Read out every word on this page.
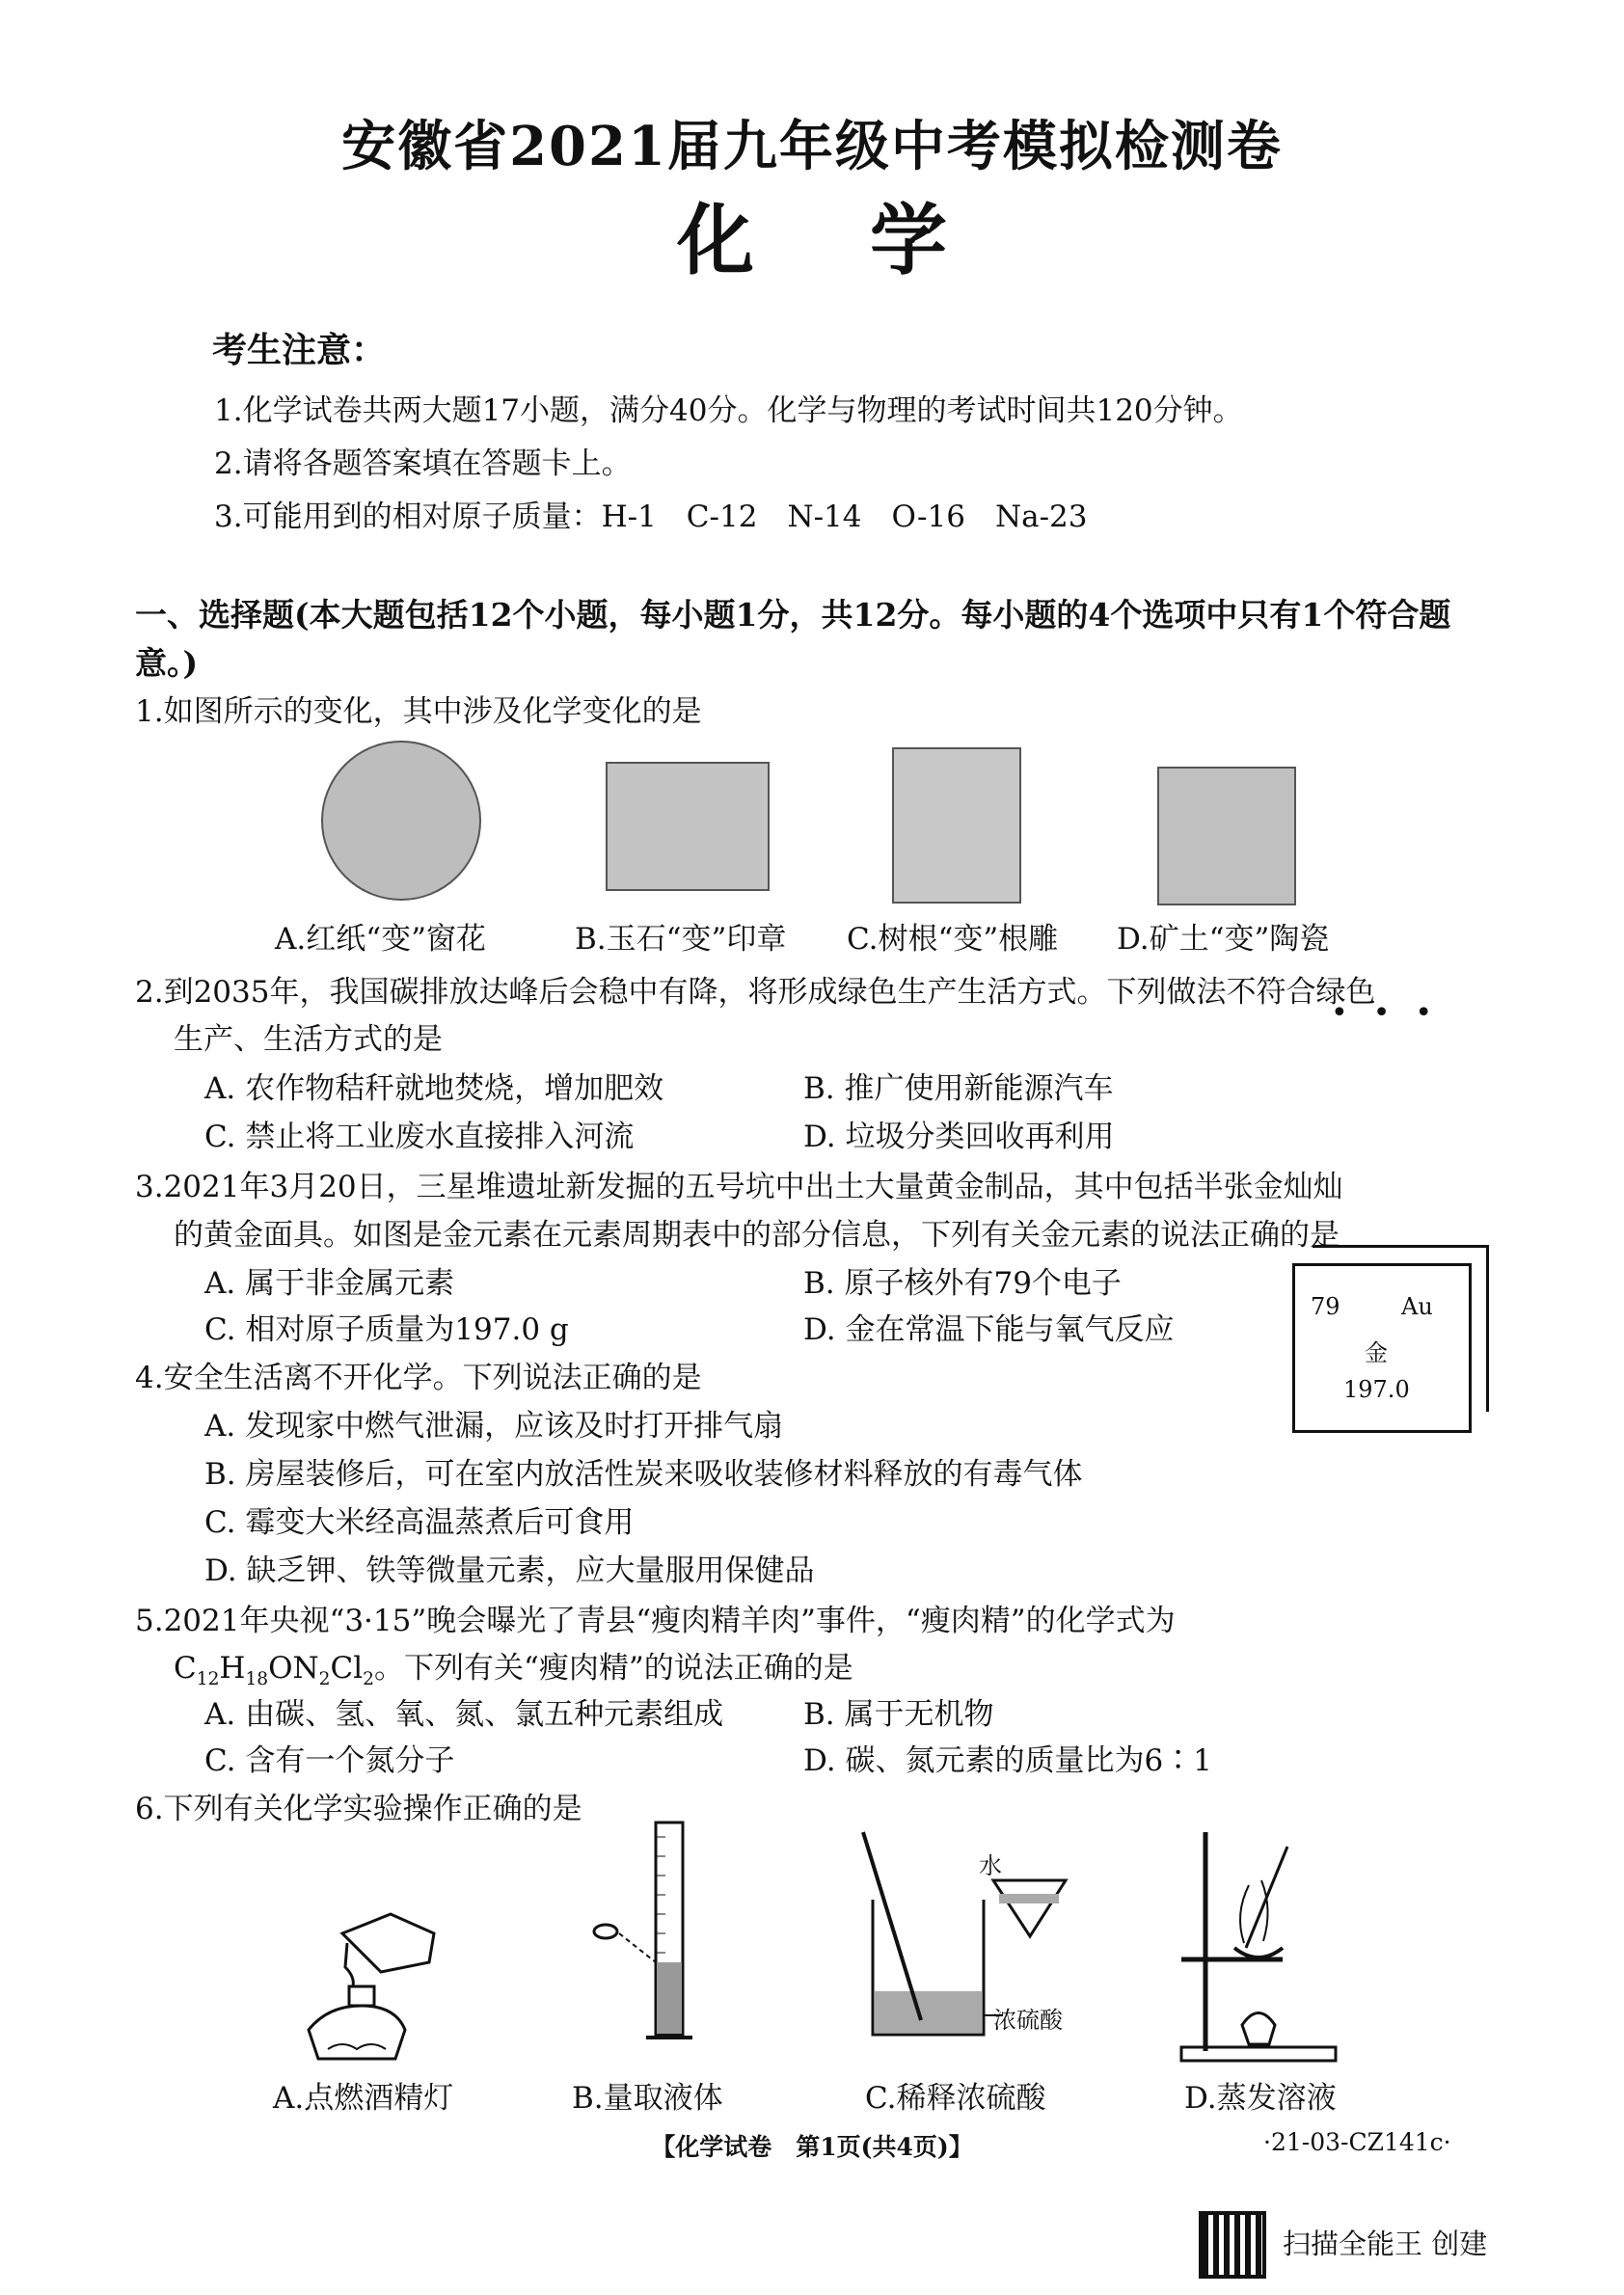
安徽省2021届九年级中考模拟检测卷
化学
考生注意：
1.化学试卷共两大题17小题，满分40分。化学与物理的考试时间共120分钟。
2.请将各题答案填在答题卡上。
3.可能用到的相对原子质量：H-1　C-12　N-14　O-16　Na-23
一、选择题(本大题包括12个小题，每小题1分，共12分。每小题的4个选项中只有1个符合题意。)
1.如图所示的变化，其中涉及化学变化的是
A.红纸“变”窗花	B.玉石“变”印章 C.树根“变”根雕 D.矿土“变”陶瓷
2.到2035年，我国碳排放达峰后会稳中有降，将形成绿色生产生活方式。下列做法不符合绿色
•••
生产、生活方式的是
A. 农作物秸秆就地焚烧，增加肥效	B. 推广使用新能源汽车
C. 禁止将工业废水直接排入河流	D. 垃圾分类回收再利用
3.2021年3月20日，三星堆遗址新发掘的五号坑中出土大量黄金制品，其中包括半张金灿灿
的黄金面具。如图是金元素在元素周期表中的部分信息，下列有关金元素的说法正确的是
A. 属于非金属元素	B. 原子核外有79个电子
C. 相对原子质量为197.0 g	D. 金在常温下能与氧气反应
79	Au
金
197.0
4.安全生活离不开化学。下列说法正确的是
A. 发现家中燃气泄漏，应该及时打开排气扇
B. 房屋装修后，可在室内放活性炭来吸收装修材料释放的有毒气体
C. 霉变大米经高温蒸煮后可食用
D. 缺乏钾、铁等微量元素，应大量服用保健品
5.2021年央视“3·15”晚会曝光了青县“瘦肉精羊肉”事件，“瘦肉精”的化学式为
$C_{12}H_{18}ON_2Cl_2$。下列有关“瘦肉精”的说法正确的是
A. 由碳、氢、氧、氮、氯五种元素组成	B. 属于无机物
C. 含有一个氮分子	D. 碳、氮元素的质量比为6∶1
6.下列有关化学实验操作正确的是
水
浓硫酸
A.点燃酒精灯	B.量取液体	C.稀释浓硫酸	D.蒸发溶液
【化学试卷　第1页(共4页)】	·21-03-CZ141c·
扫描全能王 创建
